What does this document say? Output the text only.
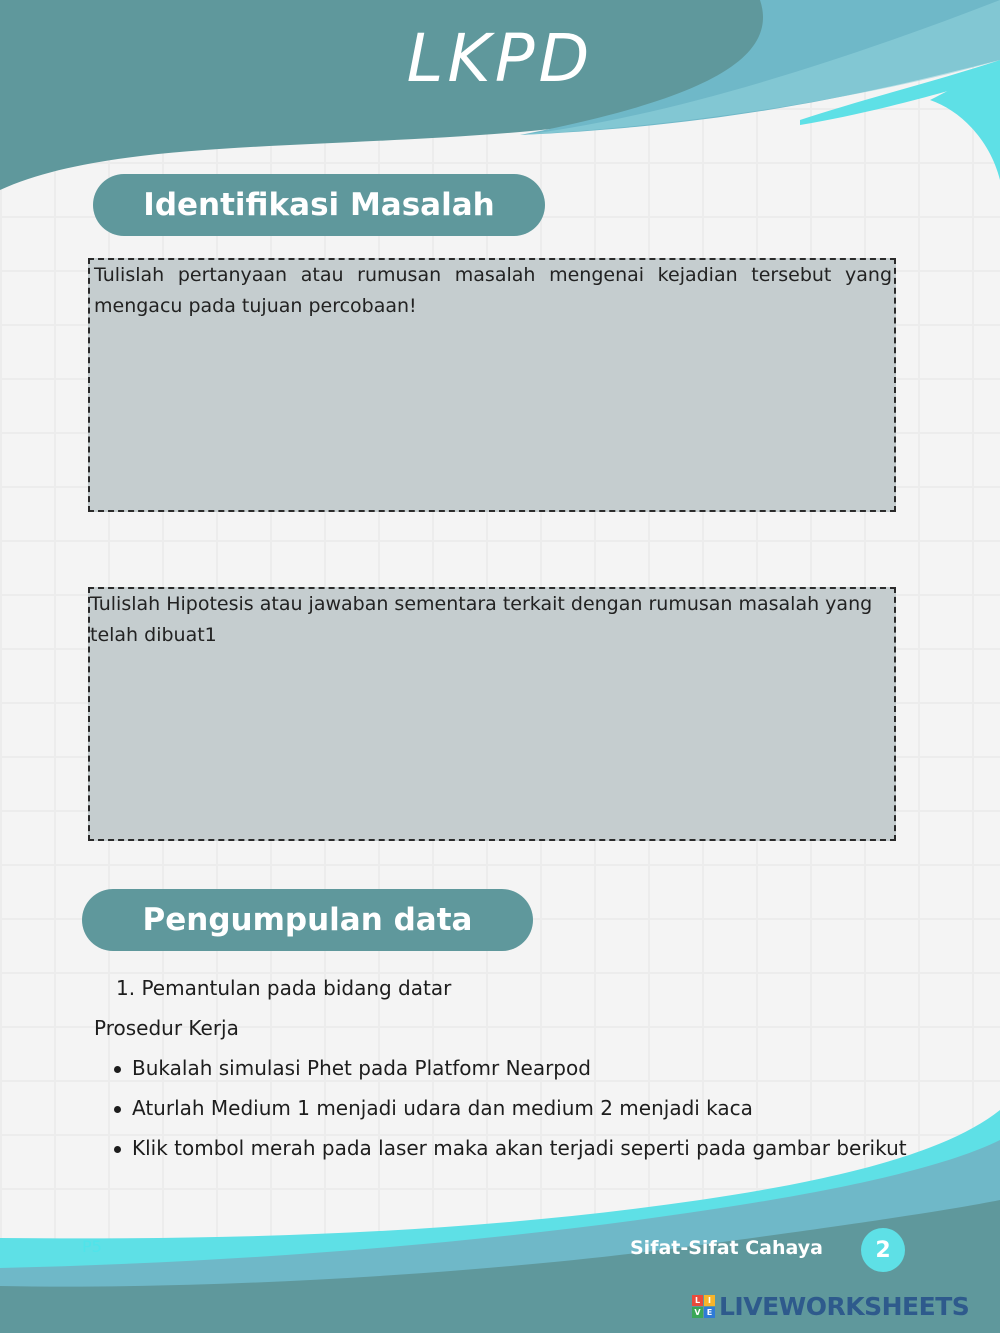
LKPD
Identifikasi Masalah

Tulislah pertanyaan atau rumusan masalah mengenai kejadian tersebut yang mengacu pada tujuan percobaan!

Tulislah Hipotesis atau jawaban sementara terkait dengan rumusan masalah yang telah dibuat1

Pengumpulan data
1. Pemantulan pada bidang datar
Prosedur Kerja
Bukalah simulasi Phet pada Platfomr Nearpod
Aturlah Medium 1 menjadi udara dan medium 2 menjadi kaca
Klik tombol merah pada laser maka akan terjadi seperti pada gambar berikut
P5	Sifat-Sifat Cahaya	2
L I
V E LIVEWORKSHEETS
